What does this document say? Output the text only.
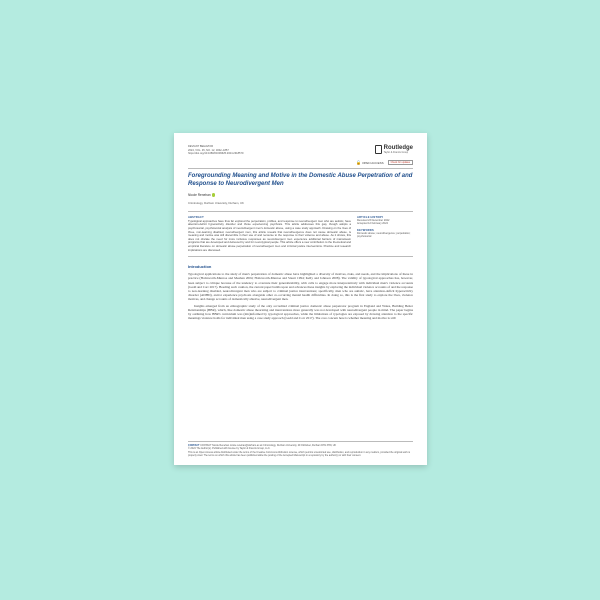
DEVIANT BEHAVIOR
2024, VOL. 45, NO. 12, 1842–1857
https://doi.org/10.1080/01639625.2024.2318579
Routledge
Taylor & Francis Group
🔓 OPEN ACCESS	Check for updates
Foregrounding Meaning and Motive in the Domestic Abuse Perpetration of and Response to Neurodivergent Men
Nicole Renehan
Criminology, Durham University, Durham, UK
ABSTRACT

Typological approaches have thus far explored the perpetration, profiles, and response to neurodivergent men who are autistic, have attention-deficit hyperactivity disorder and those experiencing psychosis. This article addresses this gap, though adopts a psychosocial, psychosocial analysis of neurodivergent men's domestic abuse, using a case study approach. Drawing on the lives of three, non-learning disabled, neurodivergent men, this article reveals that neurodivergence does not cause domestic abuse, is meaning and motive was still discernible in their use of and recourse to the response to their violence and abuse. As it shows, this does not obviate the need for more inclusive responses as neurodivergent men experience additional barriers of mainstream programs that are developed and delivered by and for neurotypical people. This article offers a new contribution to the theoretical and empirical literature on domestic abuse perpetration of neurodivergent men and criminal justice interventions. Practice and research implications are discussed.

ARTICLE HISTORY
Received 23 December 2022
Accepted 12 February 2024
KEYWORDS
Domestic abuse; neurodivergence; perpetration; psychosocial
Introduction

Typological applications to the study of men's perpetration of domestic abuse have highlighted a diversity of motives, risks, and needs, and the implications of these in practice (Holtzworth-Munroe and Meehan 2004; Holtzworth-Munroe and Stuart 1994; Kelly and Johnson 2008). The validity of typological approaches has, however, been subject to critique because of the tendency to overstate their generalizability, with calls to engage more interpretatively with individual men's violence accounts (Gadd and Corr 2017). Heeding such caution, the current paper builds upon and advances these insights by exploring the individual violence accounts of and the response to non-learning disabled, neurodivergent men who are subject to criminal justice interventions; specifically, men who are autistic, have attention-deficit hyperactivity disorder (ADHD), and/or experience psychosis alongside other co-occurring mental health difficulties. In doing so, this is the first study to explore the lives, violence motives, and change accounts of domestically abusive, neurodivergent men.

Insights emerged from an ethnographic study of the only accredited criminal justice domestic abuse perpetrator program in England and Wales, Building Better Relationships (BBR), which, like domestic abuse theorizing and interventions more generally was not developed with neurodivergent people in mind. The paper begins by outlining how BBR's curriculum was (mis)informed by typological approaches, while the limitations of typologies are exposed by drawing attention to the specific meanings violence holds for individual men using a case study approach (Gadd and Corr 2017). The core concern here is whether meaning and motive is still

CONTACT CONTACT Nicole Renehan nicole.renehan@durham.ac.uk Criminology, Durham University, 29 Old Elvet, Durham DH1 3HN, UK
© 2024 The Author(s). Published with license by Taylor & Francis Group, LLC.
This is an Open Access article distributed under the terms of the Creative Commons Attribution License, which permits unrestricted use, distribution, and reproduction in any medium, provided the original work is properly cited. The terms on which this article has been published allow the posting of the Accepted Manuscript in a repository by the author(s) or with their consent.
